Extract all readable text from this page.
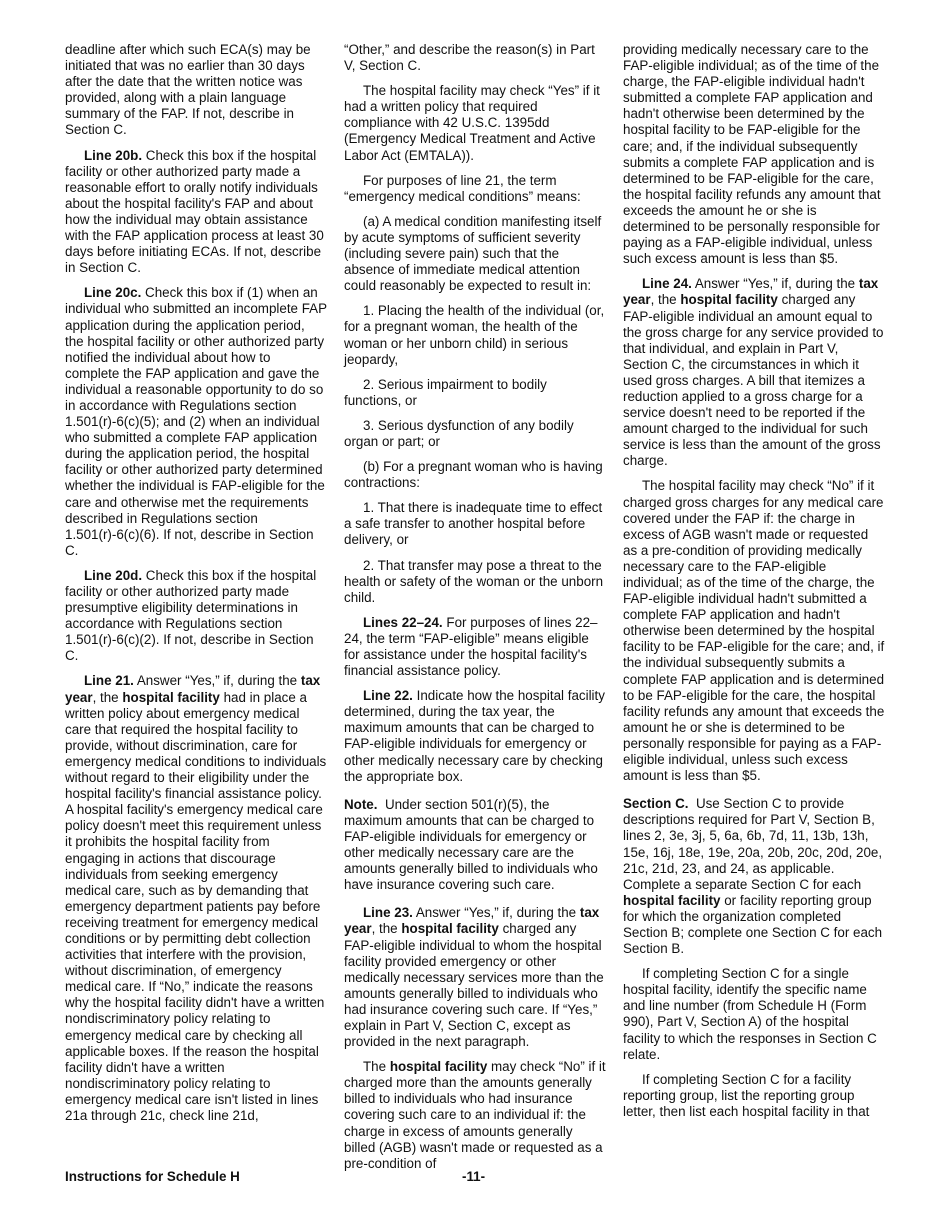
deadline after which such ECA(s) may be initiated that was no earlier than 30 days after the date that the written notice was provided, along with a plain language summary of the FAP. If not, describe in Section C.

Line 20b. Check this box if the hospital facility or other authorized party made a reasonable effort to orally notify individuals about the hospital facility's FAP and about how the individual may obtain assistance with the FAP application process at least 30 days before initiating ECAs. If not, describe in Section C.

Line 20c. Check this box if (1) when an individual who submitted an incomplete FAP application during the application period, the hospital facility or other authorized party notified the individual about how to complete the FAP application and gave the individual a reasonable opportunity to do so in accordance with Regulations section 1.501(r)-6(c)(5); and (2) when an individual who submitted a complete FAP application during the application period, the hospital facility or other authorized party determined whether the individual is FAP-eligible for the care and otherwise met the requirements described in Regulations section 1.501(r)-6(c)(6). If not, describe in Section C.

Line 20d. Check this box if the hospital facility or other authorized party made presumptive eligibility determinations in accordance with Regulations section 1.501(r)-6(c)(2). If not, describe in Section C.

Line 21. Answer “Yes,” if, during the tax year, the hospital facility had in place a written policy about emergency medical care that required the hospital facility to provide, without discrimination, care for emergency medical conditions to individuals without regard to their eligibility under the hospital facility's financial assistance policy. A hospital facility's emergency medical care policy doesn't meet this requirement unless it prohibits the hospital facility from engaging in actions that discourage individuals from seeking emergency medical care, such as by demanding that emergency department patients pay before receiving treatment for emergency medical conditions or by permitting debt collection activities that interfere with the provision, without discrimination, of emergency medical care. If “No,” indicate the reasons why the hospital facility didn't have a written nondiscriminatory policy relating to emergency medical care by checking all applicable boxes. If the reason the hospital facility didn't have a written nondiscriminatory policy relating to emergency medical care isn't listed in lines 21a through 21c, check line 21d,

“Other,” and describe the reason(s) in Part V, Section C.

The hospital facility may check “Yes” if it had a written policy that required compliance with 42 U.S.C. 1395dd (Emergency Medical Treatment and Active Labor Act (EMTALA)).

For purposes of line 21, the term “emergency medical conditions” means:

(a) A medical condition manifesting itself by acute symptoms of sufficient severity (including severe pain) such that the absence of immediate medical attention could reasonably be expected to result in:

1. Placing the health of the individual (or, for a pregnant woman, the health of the woman or her unborn child) in serious jeopardy,

2. Serious impairment to bodily functions, or

3. Serious dysfunction of any bodily organ or part; or

(b) For a pregnant woman who is having contractions:

1. That there is inadequate time to effect a safe transfer to another hospital before delivery, or

2. That transfer may pose a threat to the health or safety of the woman or the unborn child.

Lines 22–24. For purposes of lines 22–24, the term “FAP-eligible” means eligible for assistance under the hospital facility's financial assistance policy.

Line 22. Indicate how the hospital facility determined, during the tax year, the maximum amounts that can be charged to FAP-eligible individuals for emergency or other medically necessary care by checking the appropriate box.

Note. Under section 501(r)(5), the maximum amounts that can be charged to FAP-eligible individuals for emergency or other medically necessary care are the amounts generally billed to individuals who have insurance covering such care.

Line 23. Answer “Yes,” if, during the tax year, the hospital facility charged any FAP-eligible individual to whom the hospital facility provided emergency or other medically necessary services more than the amounts generally billed to individuals who had insurance covering such care. If “Yes,” explain in Part V, Section C, except as provided in the next paragraph.

The hospital facility may check “No” if it charged more than the amounts generally billed to individuals who had insurance covering such care to an individual if: the charge in excess of amounts generally billed (AGB) wasn't made or requested as a pre-condition of

providing medically necessary care to the FAP-eligible individual; as of the time of the charge, the FAP-eligible individual hadn't submitted a complete FAP application and hadn't otherwise been determined by the hospital facility to be FAP-eligible for the care; and, if the individual subsequently submits a complete FAP application and is determined to be FAP-eligible for the care, the hospital facility refunds any amount that exceeds the amount he or she is determined to be personally responsible for paying as a FAP-eligible individual, unless such excess amount is less than $5.

Line 24. Answer “Yes,” if, during the tax year, the hospital facility charged any FAP-eligible individual an amount equal to the gross charge for any service provided to that individual, and explain in Part V, Section C, the circumstances in which it used gross charges. A bill that itemizes a reduction applied to a gross charge for a service doesn't need to be reported if the amount charged to the individual for such service is less than the amount of the gross charge.

The hospital facility may check “No” if it charged gross charges for any medical care covered under the FAP if: the charge in excess of AGB wasn't made or requested as a pre-condition of providing medically necessary care to the FAP-eligible individual; as of the time of the charge, the FAP-eligible individual hadn't submitted a complete FAP application and hadn't otherwise been determined by the hospital facility to be FAP-eligible for the care; and, if the individual subsequently submits a complete FAP application and is determined to be FAP-eligible for the care, the hospital facility refunds any amount that exceeds the amount he or she is determined to be personally responsible for paying as a FAP-eligible individual, unless such excess amount is less than $5.

Section C. Use Section C to provide descriptions required for Part V, Section B, lines 2, 3e, 3j, 5, 6a, 6b, 7d, 11, 13b, 13h, 15e, 16j, 18e, 19e, 20a, 20b, 20c, 20d, 20e, 21c, 21d, 23, and 24, as applicable. Complete a separate Section C for each hospital facility or facility reporting group for which the organization completed Section B; complete one Section C for each Section B.

If completing Section C for a single hospital facility, identify the specific name and line number (from Schedule H (Form 990), Part V, Section A) of the hospital facility to which the responses in Section C relate.

If completing Section C for a facility reporting group, list the reporting group letter, then list each hospital facility in that

Instructions for Schedule H	-11-
